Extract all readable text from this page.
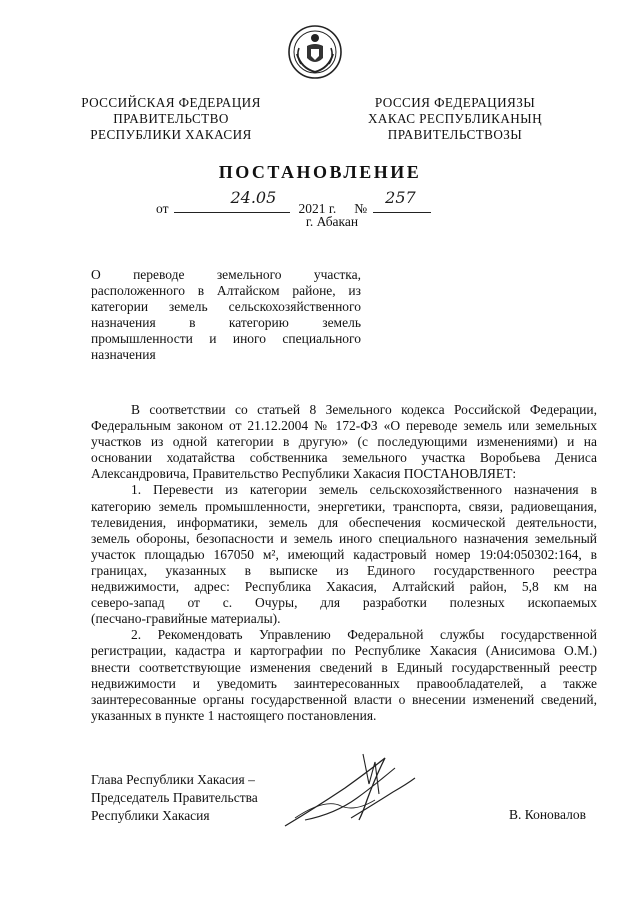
РОССИЙСКАЯ ФЕДЕРАЦИЯ
ПРАВИТЕЛЬСТВО
РЕСПУБЛИКИ ХАКАСИЯ
РОССИЯ ФЕДЕРАЦИЯЗЫ
ХАКАС РЕСПУБЛИКАНЫҢ
ПРАВИТЕЛЬСТВОЗЫ
ПОСТАНОВЛЕНИЕ
от
24.05
2021 г. №
257
г. Абакан
О переводе земельного участка,
расположенного в Алтайском районе, из
категории земель сельскохозяйственного
назначения в категорию земель
промышленности и иного специального
назначения
В соответствии со статьей 8 Земельного кодекса Российской Федерации,
Федеральным законом от 21.12.2004 № 172-ФЗ «О переводе земель или земельных
участков из одной категории в другую» (с последующими изменениями) и на
основании ходатайства собственника земельного участка Воробьева Дениса
Александровича, Правительство Республики Хакасия ПОСТАНОВЛЯЕТ:
1. Перевести из категории земель сельскохозяйственного назначения в
категорию земель промышленности, энергетики, транспорта, связи, радиовещания,
телевидения, информатики, земель для обеспечения космической деятельности,
земель обороны, безопасности и земель иного специального назначения земельный
участок площадью 167050 м², имеющий кадастровый номер 19:04:050302:164, в
границах, указанных в выписке из Единого государственного реестра
недвижимости, адрес: Республика Хакасия, Алтайский район, 5,8 км на
северо-запад от с. Очуры, для разработки полезных ископаемых
(песчано-гравийные материалы).
2. Рекомендовать Управлению Федеральной службы государственной
регистрации, кадастра и картографии по Республике Хакасия (Анисимова О.М.)
внести соответствующие изменения сведений в Единый государственный реестр
недвижимости и уведомить заинтересованных правообладателей, а также
заинтересованные органы государственной власти о внесении изменений сведений,
указанных в пункте 1 настоящего постановления.
Глава Республики Хакасия –
Председатель Правительства
Республики Хакасия	В. Коновалов
